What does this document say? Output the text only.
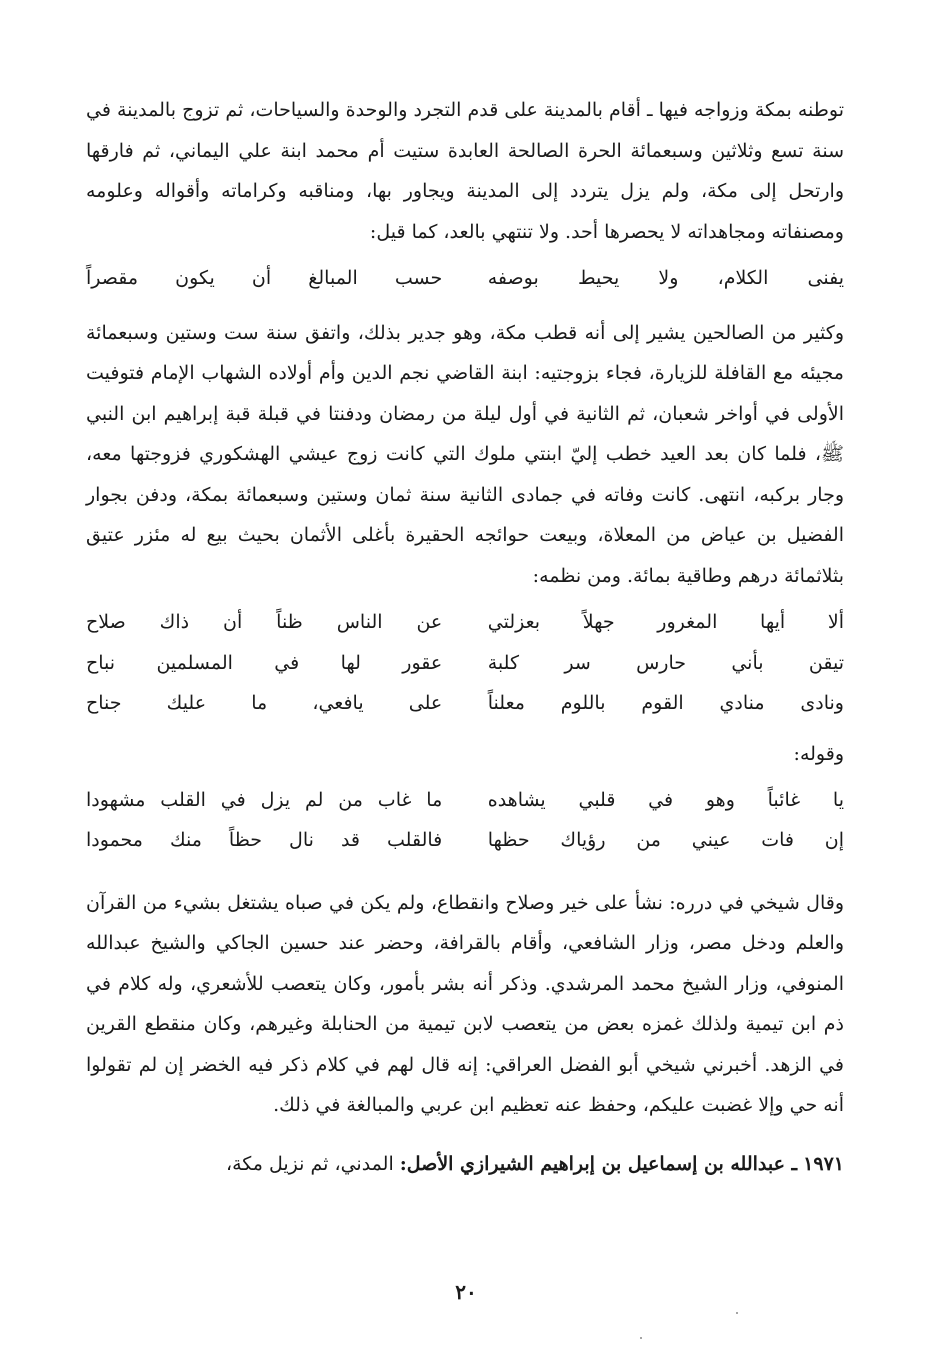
توطنه بمكة وزواجه فيها ـ أقام بالمدينة على قدم التجرد والوحدة والسياحات، ثم تزوج بالمدينة في سنة تسع وثلاثين وسبعمائة الحرة الصالحة العابدة ستيت أم محمد ابنة علي اليماني، ثم فارقها وارتحل إلى مكة، ولم يزل يتردد إلى المدينة ويجاور بها، ومناقبه وكراماته وأقواله وعلومه ومصنفاته ومجاهداته لا يحصرها أحد. ولا تنتهي بالعد، كما قيل:

يفنى الكلام، ولا يحيط بوصفه
حسب المبالغ أن يكون مقصراً

وكثير من الصالحين يشير إلى أنه قطب مكة، وهو جدير بذلك، واتفق سنة ست وستين وسبعمائة مجيئه مع القافلة للزيارة، فجاء بزوجتيه: ابنة القاضي نجم الدين وأم أولاده الشهاب الإمام فتوفيت الأولى في أواخر شعبان، ثم الثانية في أول ليلة من رمضان ودفنتا في قبلة قبة إبراهيم ابن النبي ﷺ، فلما كان بعد العيد خطب إليّ ابنتي ملوك التي كانت زوج عيشي الهشكوري فزوجتها معه، وجار بركبه، انتهى. كانت وفاته في جمادى الثانية سنة ثمان وستين وسبعمائة بمكة، ودفن بجوار الفضيل بن عياض من المعلاة، وبيعت حوائجه الحقيرة بأغلى الأثمان بحيث بيع له مئزر عتيق بثلاثمائة درهم وطاقية بمائة. ومن نظمه:

ألا أيها المغرور جهلاً بعزلتي
عن الناس ظناً أن ذاك صلاح
تيقن بأني حارس سر كلبة
عقور لها في المسلمين نباح
ونادى منادي القوم باللوم معلناً
على يافعي، ما عليك جناح
وقوله:
يا غائباً وهو في قلبي يشاهده
ما غاب من لم يزل في القلب مشهودا
إن فات عيني من رؤياك حظها
فالقلب قد نال حظاً منك محمودا

وقال شيخي في درره: نشأ على خير وصلاح وانقطاع، ولم يكن في صباه يشتغل بشيء من القرآن والعلم ودخل مصر، وزار الشافعي، وأقام بالقرافة، وحضر عند حسين الجاكي والشيخ عبدالله المنوفي، وزار الشيخ محمد المرشدي. وذكر أنه بشر بأمور، وكان يتعصب للأشعري، وله كلام في ذم ابن تيمية ولذلك غمزه بعض من يتعصب لابن تيمية من الحنابلة وغيرهم، وكان منقطع القرين في الزهد. أخبرني شيخي أبو الفضل العراقي: إنه قال لهم في كلام ذكر فيه الخضر إن لم تقولوا أنه حي وإلا غضبت عليكم، وحفظ عنه تعظيم ابن عربي والمبالغة في ذلك.

١٩٧١ ـ عبدالله بن إسماعيل بن إبراهيم الشيرازي الأصل: المدني، ثم نزيل مكة،
٢٠
